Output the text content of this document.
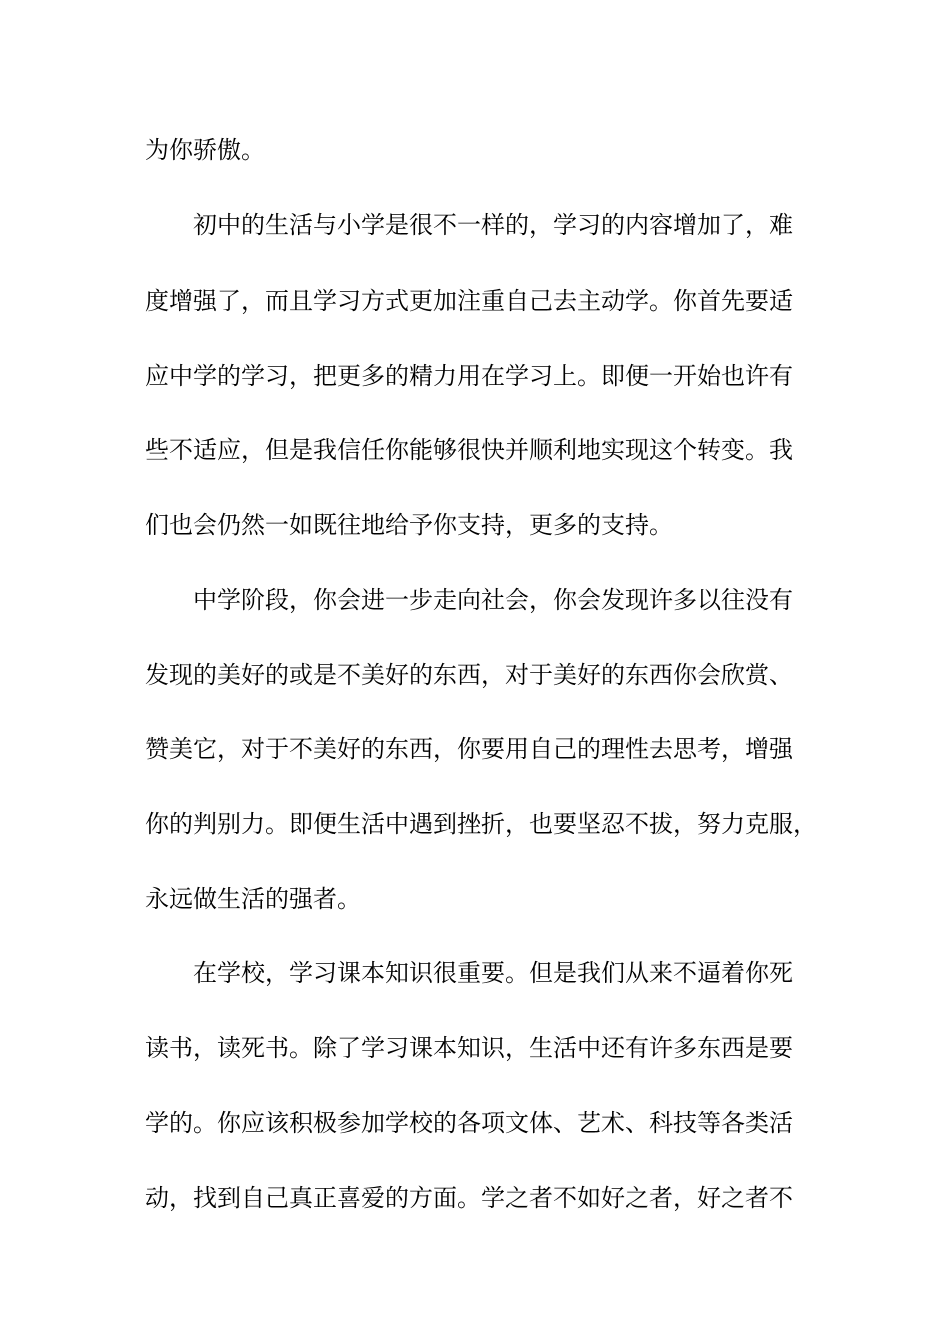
为你骄傲。
初中的生活与小学是很不一样的，学习的内容增加了，难
度增强了，而且学习方式更加注重自己去主动学。你首先要适
应中学的学习，把更多的精力用在学习上。即便一开始也许有
些不适应，但是我信任你能够很快并顺利地实现这个转变。我
们也会仍然一如既往地给予你支持，更多的支持。
中学阶段，你会进一步走向社会，你会发现许多以往没有
发现的美好的或是不美好的东西，对于美好的东西你会欣赏、
赞美它，对于不美好的东西，你要用自己的理性去思考，增强
你的判别力。即便生活中遇到挫折，也要坚忍不拔，努力克服，
永远做生活的强者。
在学校，学习课本知识很重要。但是我们从来不逼着你死
读书，读死书。除了学习课本知识，生活中还有许多东西是要
学的。你应该积极参加学校的各项文体、艺术、科技等各类活
动，找到自己真正喜爱的方面。学之者不如好之者，好之者不
